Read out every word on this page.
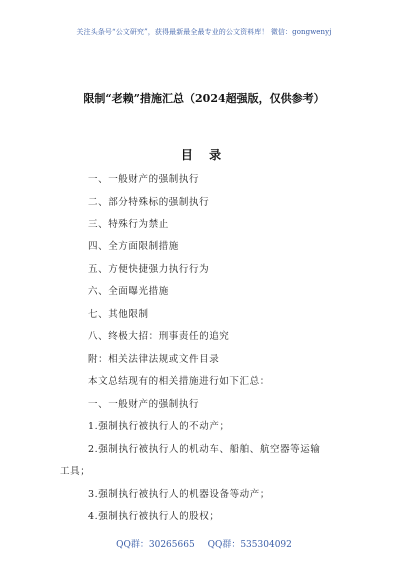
关注头条号“公文研究”，获得最新最全最专业的公文资料库！ 微信：gongwenyj
限制“老赖”措施汇总（2024超强版，仅供参考）
目 录
一、一般财产的强制执行
二、部分特殊标的强制执行
三、特殊行为禁止
四、全方面限制措施
五、方便快捷强力执行行为
六、全面曝光措施
七、其他限制
八、终极大招：刑事责任的追究
附：相关法律法规或文件目录
本文总结现有的相关措施进行如下汇总：
一、一般财产的强制执行
1.强制执行被执行人的不动产；
2.强制执行被执行人的机动车、船舶、航空器等运输
工具；
3.强制执行被执行人的机器设备等动产；
4.强制执行被执行人的股权；
QQ群：30265665 QQ群：535304092
